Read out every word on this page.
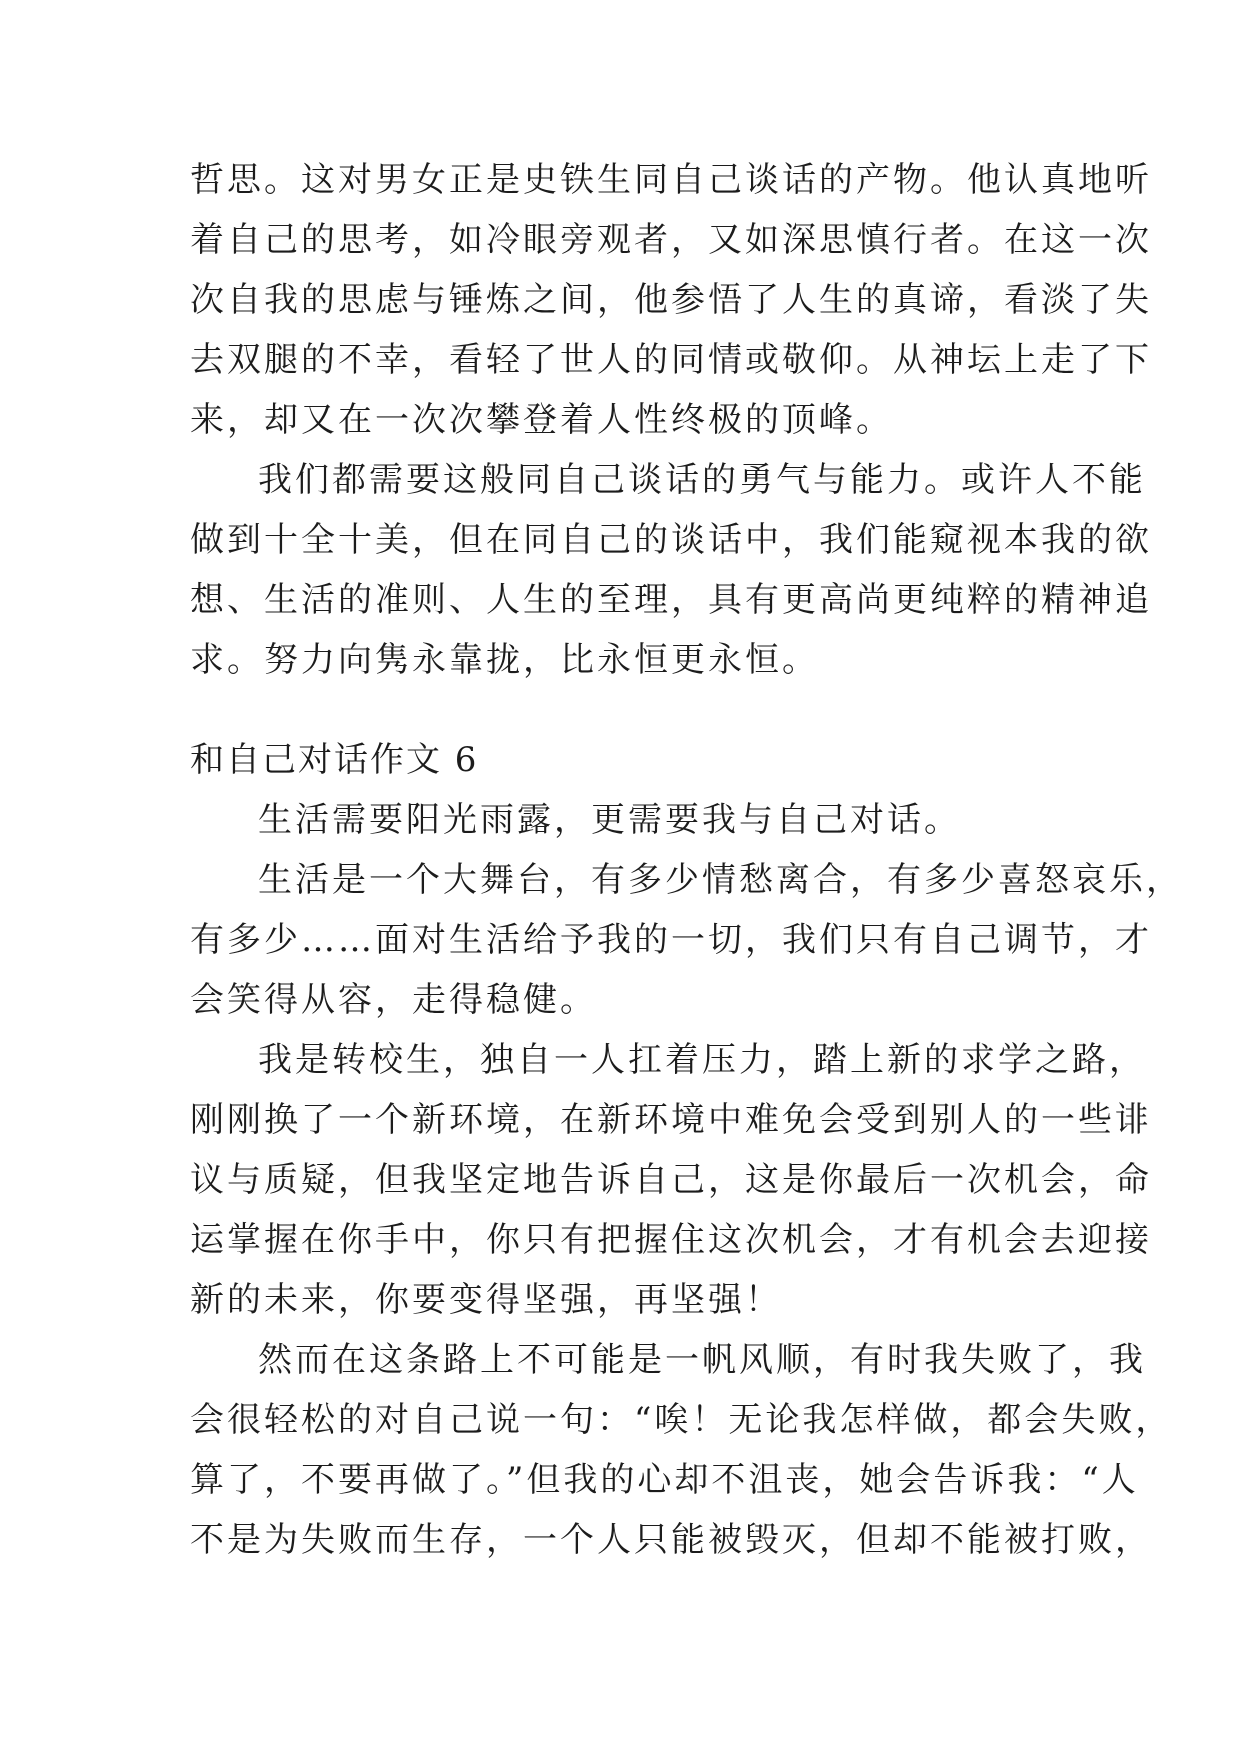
哲思。这对男女正是史铁生同自己谈话的产物。他认真地听
着自己的思考，如冷眼旁观者，又如深思慎行者。在这一次
次自我的思虑与锤炼之间，他参悟了人生的真谛，看淡了失
去双腿的不幸，看轻了世人的同情或敬仰。从神坛上走了下
来，却又在一次次攀登着人性终极的顶峰。
我们都需要这般同自己谈话的勇气与能力。或许人不能
做到十全十美，但在同自己的谈话中，我们能窥视本我的欲
想、生活的准则、人生的至理，具有更高尚更纯粹的精神追
求。努力向隽永靠拢，比永恒更永恒。
和自己对话作文 6
生活需要阳光雨露，更需要我与自己对话。
生活是一个大舞台，有多少情愁离合，有多少喜怒哀乐，
有多少……面对生活给予我的一切，我们只有自己调节，才
会笑得从容，走得稳健。
我是转校生，独自一人扛着压力，踏上新的求学之路，
刚刚换了一个新环境，在新环境中难免会受到别人的一些诽
议与质疑，但我坚定地告诉自己，这是你最后一次机会，命
运掌握在你手中，你只有把握住这次机会，才有机会去迎接
新的未来，你要变得坚强，再坚强！
然而在这条路上不可能是一帆风顺，有时我失败了，我
会很轻松的对自己说一句：“唉！无论我怎样做，都会失败，
算了，不要再做了。”但我的心却不沮丧，她会告诉我：“人
不是为失败而生存，一个人只能被毁灭，但却不能被打败，
